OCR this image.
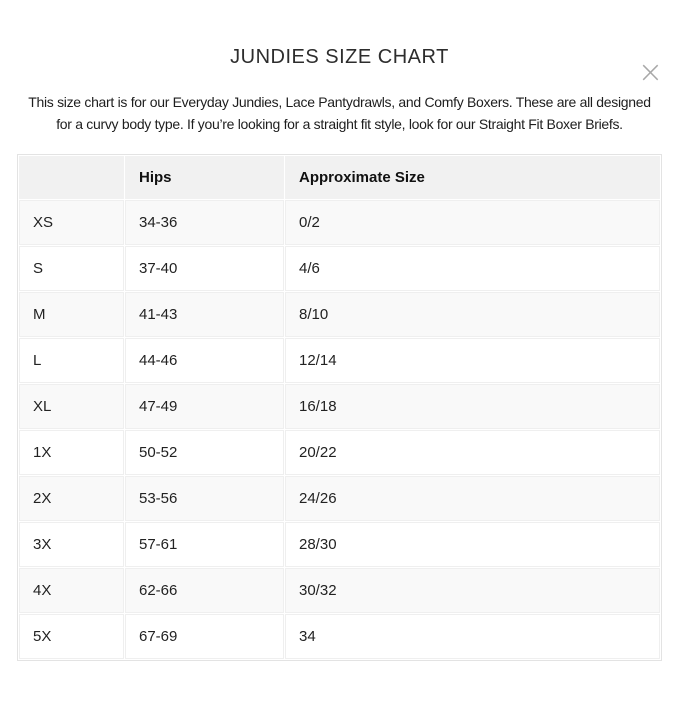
×
JUNDIES SIZE CHART
This size chart is for our Everyday Jundies, Lace Pantydrawls, and Comfy Boxers. These are all designed
for a curvy body type. If you’re looking for a straight fit style, look for our Straight Fit Boxer Briefs.
	Hips	Approximate Size
XS	34-36	0/2
S	37-40	4/6
M	41-43	8/10
L	44-46	12/14
XL	47-49	16/18
1X	50-52	20/22
2X	53-56	24/26
3X	57-61	28/30
4X	62-66	30/32
5X	67-69	34
